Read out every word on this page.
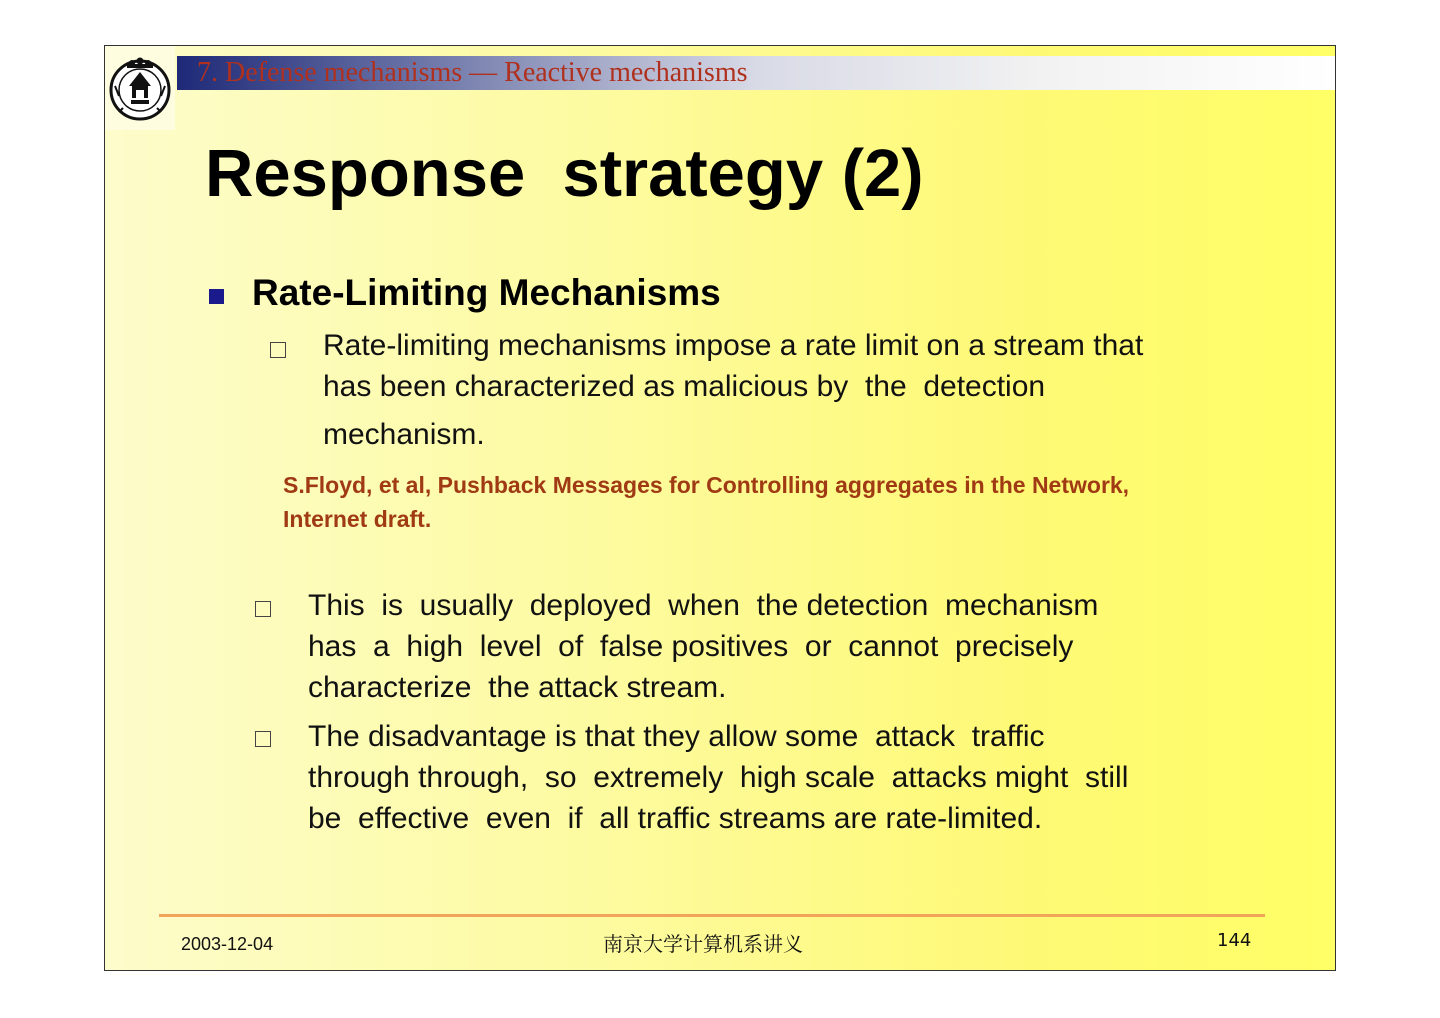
7. Defense mechanisms — Reactive mechanisms
Response  strategy (2)
Rate-Limiting Mechanisms
Rate-limiting mechanisms impose a rate limit on a stream that
has been characterized as malicious by  the  detection
mechanism.
S.Floyd, et al, Pushback Messages for Controlling aggregates in the Network,
Internet draft.
This  is  usually  deployed  when  the detection  mechanism
has  a  high  level  of  false positives  or  cannot  precisely
characterize  the attack stream.
The disadvantage is that they allow some  attack  traffic
through through,  so  extremely  high scale  attacks might  still
be  effective  even  if  all traffic streams are rate-limited.
2003-12-04	南京大学计算机系讲义	144
